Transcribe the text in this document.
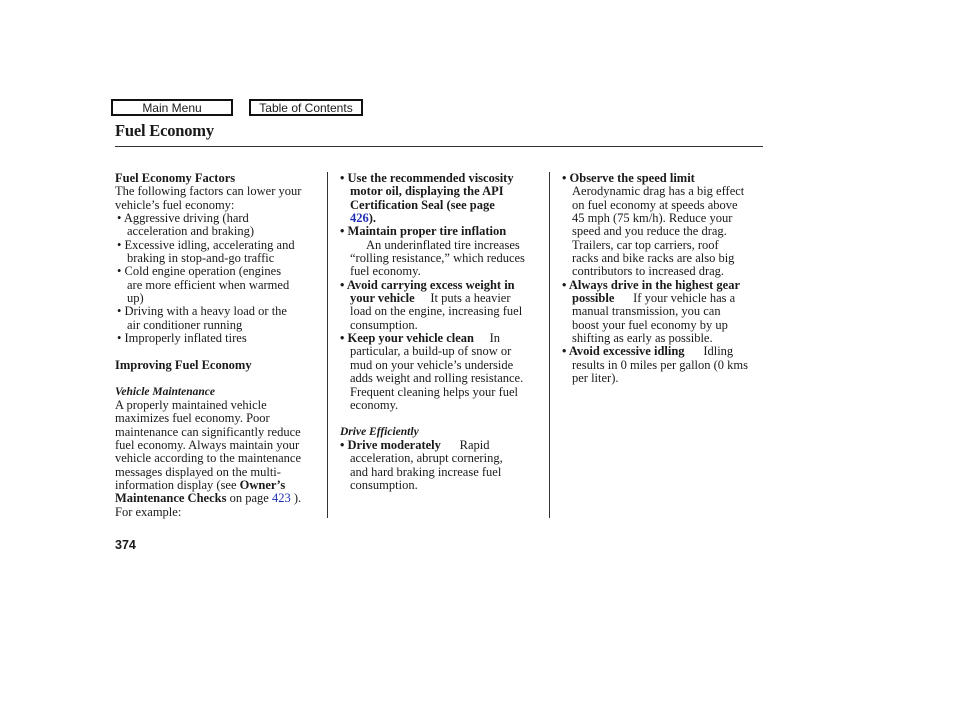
Main Menu	Table of Contents
Fuel Economy

Fuel Economy Factors

The following factors can lower your

vehicle’s fuel economy:

• Aggressive driving (hard

acceleration and braking)

• Excessive idling, accelerating and

braking in stop-and-go traffic

• Cold engine operation (engines

are more efficient when warmed

up)

• Driving with a heavy load or the

air conditioner running

• Improperly inflated tires

Improving Fuel Economy

Vehicle Maintenance

A properly maintained vehicle

maximizes fuel economy. Poor

maintenance can significantly reduce

fuel economy. Always maintain your

vehicle according to the maintenance

messages displayed on the multi-

information display (see Owner’s

Maintenance Checks on page 423 ).

For example:

• Use the recommended viscosity

motor oil, displaying the API

Certification Seal (see page

426).

• Maintain proper tire inflation

An underinflated tire increases

“rolling resistance,” which reduces

fuel economy.

• Avoid carrying excess weight in

your vehicle It puts a heavier

load on the engine, increasing fuel

consumption.

• Keep your vehicle clean In

particular, a build-up of snow or

mud on your vehicle’s underside

adds weight and rolling resistance.

Frequent cleaning helps your fuel

economy.

Drive Efficiently

• Drive moderately Rapid

acceleration, abrupt cornering,

and hard braking increase fuel

consumption.

• Observe the speed limit

Aerodynamic drag has a big effect

on fuel economy at speeds above

45 mph (75 km/h). Reduce your

speed and you reduce the drag.

Trailers, car top carriers, roof

racks and bike racks are also big

contributors to increased drag.

• Always drive in the highest gear

possible If your vehicle has a

manual transmission, you can

boost your fuel economy by up

shifting as early as possible.

• Avoid excessive idling Idling

results in 0 miles per gallon (0 kms

per liter).

374
